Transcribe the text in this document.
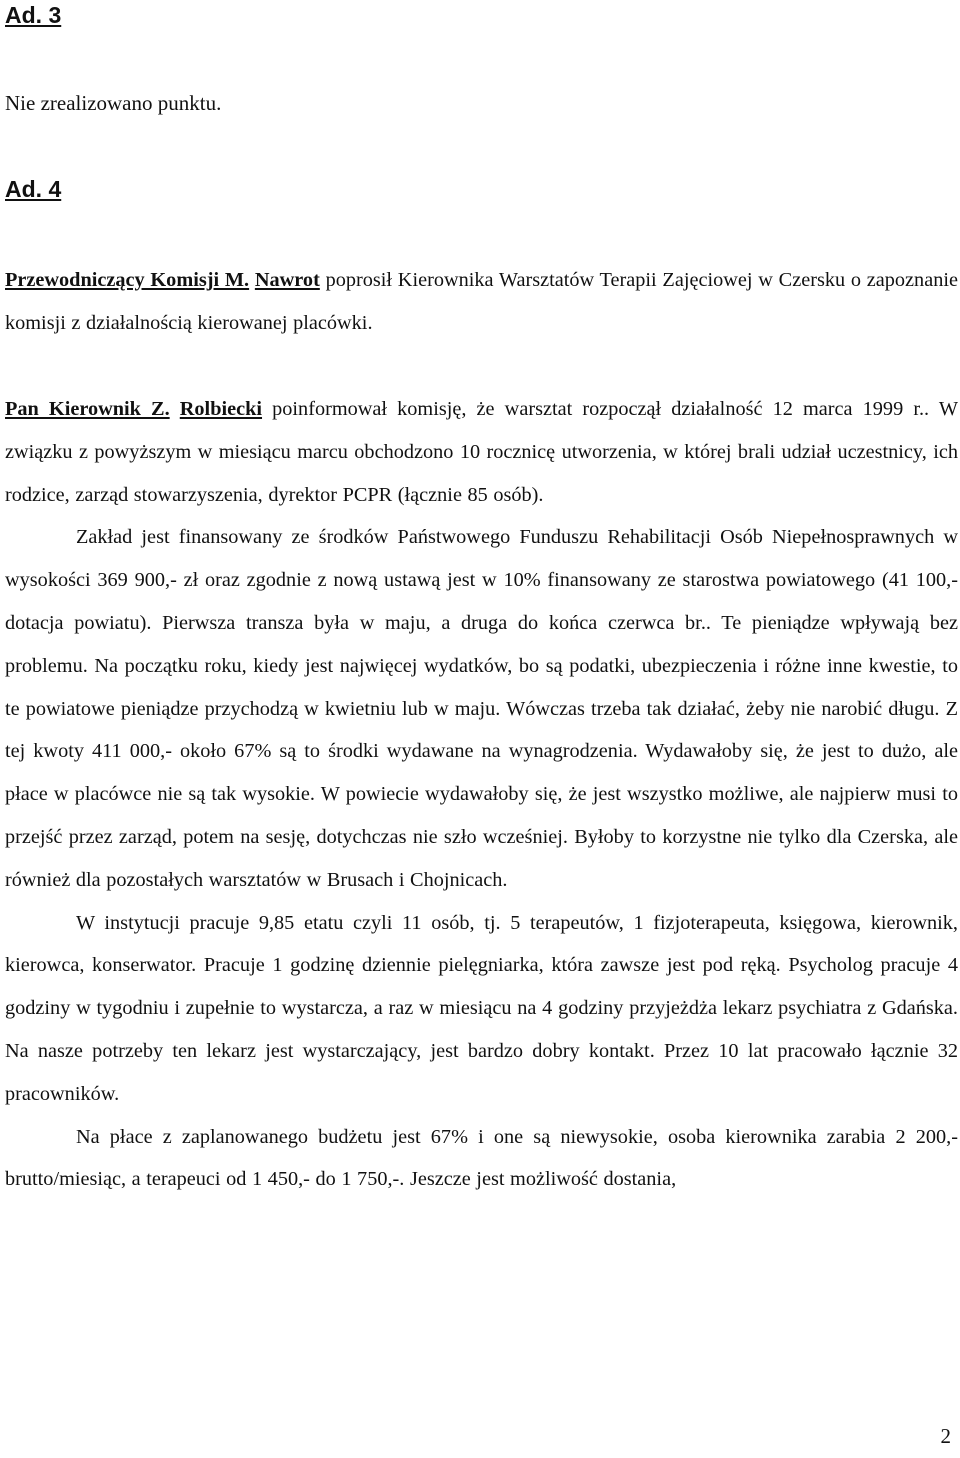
Ad. 3

Nie zrealizowano punktu.

Ad. 4

Przewodniczący Komisji M. Nawrot poprosił Kierownika Warsztatów Terapii Zajęciowej w Czersku o zapoznanie komisji z działalnością kierowanej placówki.

Pan Kierownik Z. Rolbiecki poinformował komisję, że warsztat rozpoczął działalność 12 marca 1999 r.. W związku z powyższym w miesiącu marcu obchodzono 10 rocznicę utworzenia, w której brali udział uczestnicy, ich rodzice, zarząd stowarzyszenia, dyrektor PCPR (łącznie 85 osób).

Zakład jest finansowany ze środków Państwowego Funduszu Rehabilitacji Osób Niepełnosprawnych w wysokości 369 900,- zł oraz zgodnie z nową ustawą jest w 10% finansowany ze starostwa powiatowego (41 100,- dotacja powiatu). Pierwsza transza była w maju, a druga do końca czerwca br.. Te pieniądze wpływają bez problemu. Na początku roku, kiedy jest najwięcej wydatków, bo są podatki, ubezpieczenia i różne inne kwestie, to te powiatowe pieniądze przychodzą w kwietniu lub w maju. Wówczas trzeba tak działać, żeby nie narobić długu. Z tej kwoty 411 000,- około 67% są to środki wydawane na wynagrodzenia. Wydawałoby się, że jest to dużo, ale płace w placówce nie są tak wysokie. W powiecie wydawałoby się, że jest wszystko możliwe, ale najpierw musi to przejść przez zarząd, potem na sesję, dotychczas nie szło wcześniej. Byłoby to korzystne nie tylko dla Czerska, ale również dla pozostałych warsztatów w Brusach i Chojnicach.

W instytucji pracuje 9,85 etatu czyli 11 osób, tj. 5 terapeutów, 1 fizjoterapeuta, księgowa, kierownik, kierowca, konserwator. Pracuje 1 godzinę dziennie pielęgniarka, która zawsze jest pod ręką. Psycholog pracuje 4 godziny w tygodniu i zupełnie to wystarcza, a raz w miesiącu na 4 godziny przyjeżdża lekarz psychiatra z Gdańska. Na nasze potrzeby ten lekarz jest wystarczający, jest bardzo dobry kontakt. Przez 10 lat pracowało łącznie 32 pracowników.

Na płace z zaplanowanego budżetu jest 67% i one są niewysokie, osoba kierownika zarabia 2 200,- brutto/miesiąc, a terapeuci od 1 450,- do 1 750,-. Jeszcze jest możliwość dostania,

2
